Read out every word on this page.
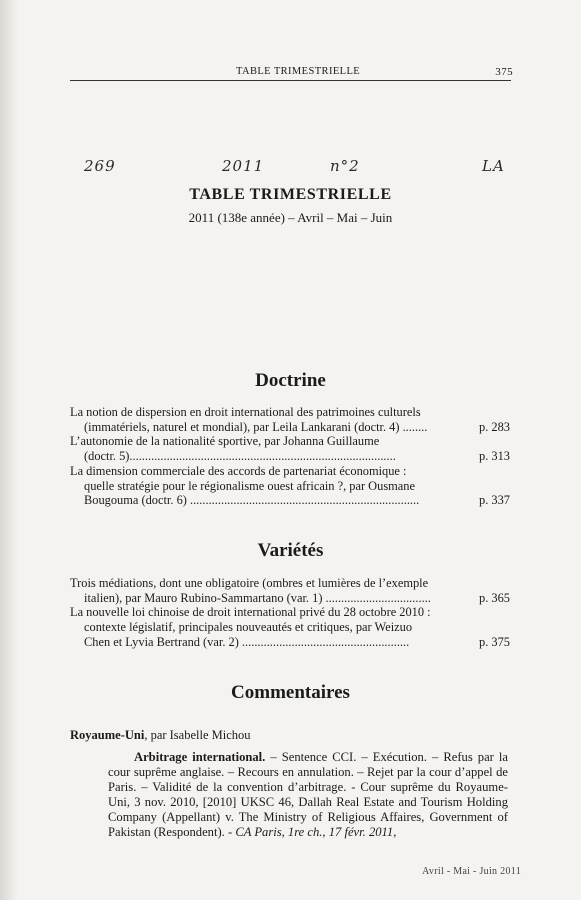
TABLE TRIMESTRIELLE	375

269	2011	n°2	LA
TABLE TRIMESTRIELLE
2011 (138e année) – Avril – Mai – Juin
Doctrine
La notion de dispersion en droit international des patrimoines culturels
(immatériels, naturel et mondial), par Leila Lankarani (doctr. 4) ........	p. 283
L’autonomie de la nationalité sportive, par Johanna Guillaume
(doctr. 5)......................................................................................	p. 313
La dimension commerciale des accords de partenariat économique :
quelle stratégie pour le régionalisme ouest africain ?, par Ousmane
Bougouma (doctr. 6) ..........................................................................	p. 337
Variétés
Trois médiations, dont une obligatoire (ombres et lumières de l’exemple
italien), par Mauro Rubino-Sammartano (var. 1) ..................................	p. 365
La nouvelle loi chinoise de droit international privé du 28 octobre 2010 :
contexte législatif, principales nouveautés et critiques, par Weizuo
Chen et Lyvia Bertrand (var. 2) ......................................................	p. 375
Commentaires
Royaume-Uni, par Isabelle Michou
Arbitrage international. – Sentence CCI. – Exécution. – Refus par la cour suprême anglaise. – Recours en annulation. – Rejet par la cour d’appel de Paris. – Validité de la convention d’arbitrage. - Cour suprême du Royaume-Uni, 3 nov. 2010, [2010] UKSC 46, Dallah Real Estate and Tourism Holding Company (Appellant) v. The Ministry of Religious Affaires, Government of Pakistan (Respondent). - CA Paris, 1re ch., 17 févr. 2011,
Avril - Mai - Juin 2011
